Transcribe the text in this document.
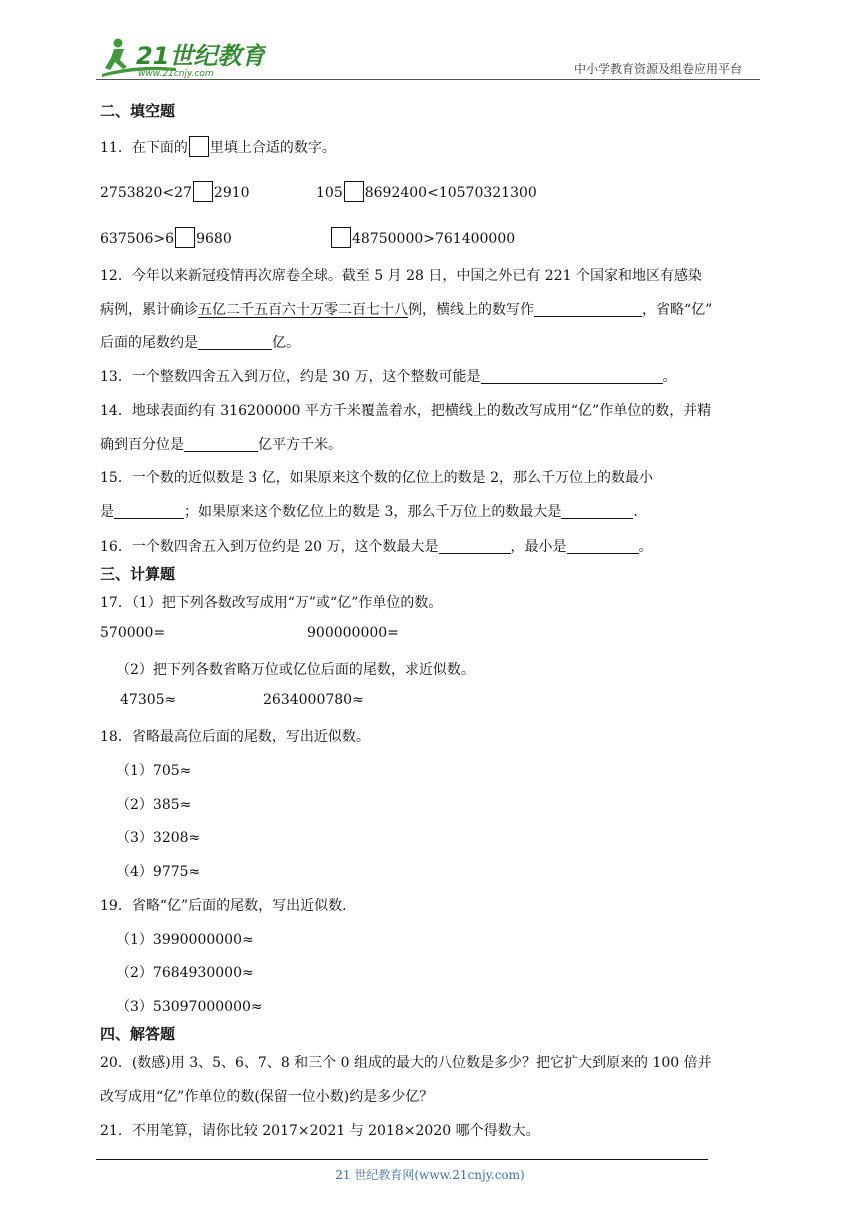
21世纪教育
www.21cnjy.com	中小学教育资源及组卷应用平台
二、填空题
11．在下面的 里填上合适的数字。
2753820<27 2910	105 8692400<10570321300
637506>6 9680	48750000>761400000
12．今年以来新冠疫情再次席卷全球。截至 5 月 28 日，中国之外已有 221 个国家和地区有感染
病例，累计确诊五亿二千五百六十万零二百七十八例，横线上的数写作	，省略“亿”
后面的尾数约是	亿。
13．一个整数四舍五入到万位，约是 30 万，这个整数可能是	。
14．地球表面约有 316200000 平方千米覆盖着水，把横线上的数改写成用“亿”作单位的数，并精
确到百分位是	亿平方千米。
15．一个数的近似数是 3 亿，如果原来这个数的亿位上的数是 2，那么千万位上的数最小
是	；如果原来这个数亿位上的数是 3，那么千万位上的数最大是	.
16．一个数四舍五入到万位约是 20 万，这个数最大是	，最小是	。
三、计算题
17．（1）把下列各数改写成用“万”或“亿”作单位的数。
570000=	900000000=
（2）把下列各数省略万位或亿位后面的尾数，求近似数。
47305≈	2634000780≈
18．省略最高位后面的尾数，写出近似数。
（1）705≈
（2）385≈
（3）3208≈
（4）9775≈
19．省略“亿”后面的尾数，写出近似数.
（1）3990000000≈
（2）7684930000≈
（3）53097000000≈
四、解答题
20．(数感)用 3、5、6、7、8 和三个 0 组成的最大的八位数是多少？把它扩大到原来的 100 倍并
改写成用“亿”作单位的数(保留一位小数)约是多少亿？
21．不用笔算，请你比较 2017×2021 与 2018×2020 哪个得数大。
21 世纪教育网(www.21cnjy.com)
